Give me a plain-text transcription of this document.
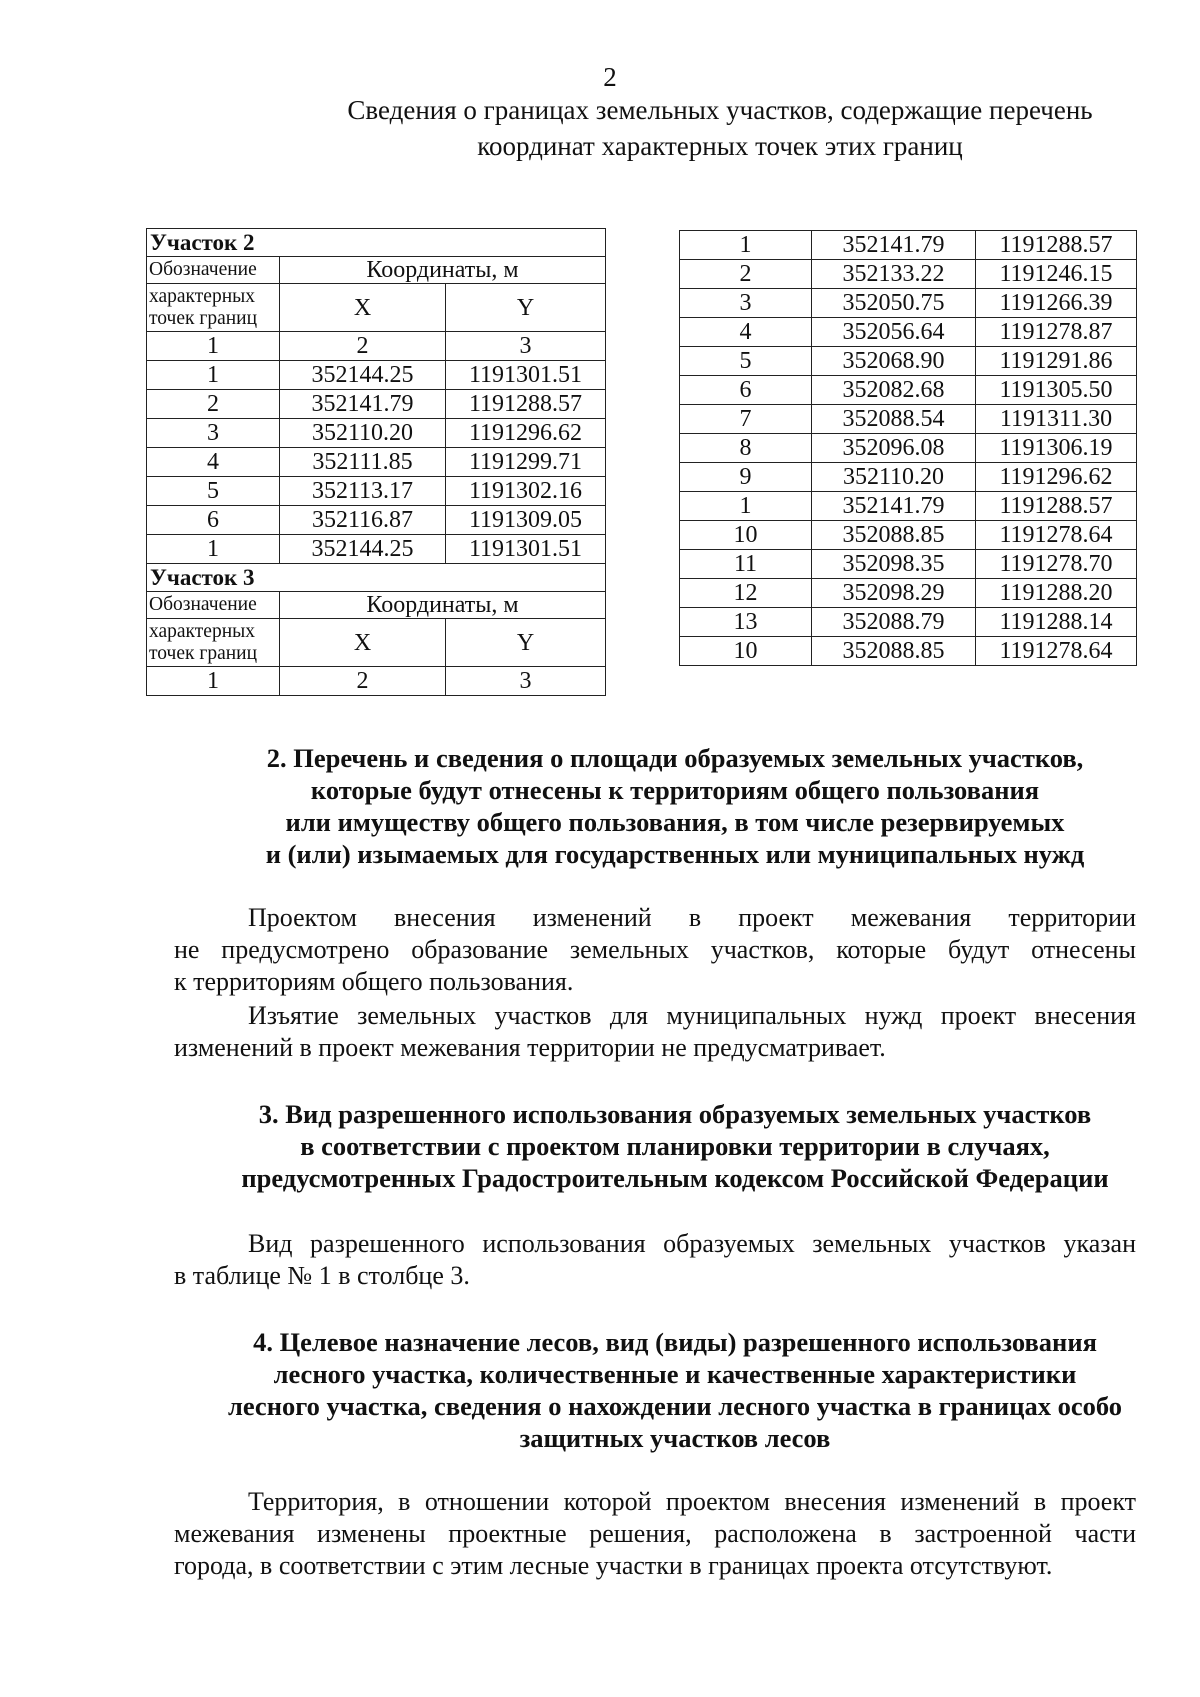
2
Сведения о границах земельных участков, содержащие перечень
координат характерных точек этих границ
Участок 2		
Обозначение	Координаты, м	

характерных
точек границ	X	Y
1	2	3
1	352144.25	1191301.51
2	352141.79	1191288.57
3	352110.20	1191296.62
4	352111.85	1191299.71
5	352113.17	1191302.16
6	352116.87	1191309.05
1	352144.25	1191301.51
Участок 3		
Обозначение	Координаты, м	

характерных
точек границ	X	Y
1	2	3
1	352141.79	1191288.57
2	352133.22	1191246.15
3	352050.75	1191266.39
4	352056.64	1191278.87
5	352068.90	1191291.86
6	352082.68	1191305.50
7	352088.54	1191311.30
8	352096.08	1191306.19
9	352110.20	1191296.62
1	352141.79	1191288.57
10	352088.85	1191278.64
11	352098.35	1191278.70
12	352098.29	1191288.20
13	352088.79	1191288.14
10	352088.85	1191278.64
2. Перечень и сведения о площади образуемых земельных участков,
которые будут отнесены к территориям общего пользования
или имуществу общего пользования, в том числе резервируемых
и (или) изымаемых для государственных или муниципальных нужд
Проектом внесения изменений в проект межевания территории
не предусмотрено образование земельных участков, которые будут отнесены
к территориям общего пользования.
Изъятие земельных участков для муниципальных нужд проект внесения
изменений в проект межевания территории не предусматривает.
3. Вид разрешенного использования образуемых земельных участков
в соответствии с проектом планировки территории в случаях,
предусмотренных Градостроительным кодексом Российской Федерации
Вид разрешенного использования образуемых земельных участков указан
в таблице № 1 в столбце 3.
4. Целевое назначение лесов, вид (виды) разрешенного использования
лесного участка, количественные и качественные характеристики
лесного участка, сведения о нахождении лесного участка в границах особо
защитных участков лесов
Территория, в отношении которой проектом внесения изменений в проект
межевания изменены проектные решения, расположена в застроенной части
города, в соответствии с этим лесные участки в границах проекта отсутствуют.
